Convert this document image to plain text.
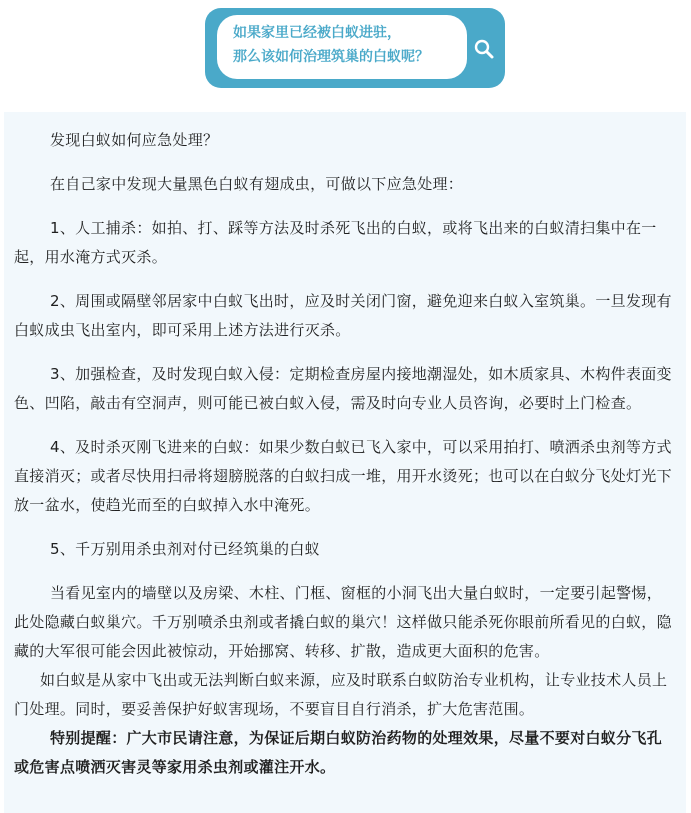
如果家里已经被白蚁进驻，
那么该如何治理筑巢的白蚁呢？

发现白蚁如何应急处理？

在自己家中发现大量黑色白蚁有翅成虫，可做以下应急处理：

1、人工捕杀：如拍、打、踩等方法及时杀死飞出的白蚁，或将飞出来的白蚁清扫集中在一起，用水淹方式灭杀。

2、周围或隔壁邻居家中白蚁飞出时，应及时关闭门窗，避免迎来白蚁入室筑巢。一旦发现有白蚁成虫飞出室内，即可采用上述方法进行灭杀。

3、加强检查，及时发现白蚁入侵：定期检查房屋内接地潮湿处，如木质家具、木构件表面变色、凹陷，敲击有空洞声，则可能已被白蚁入侵，需及时向专业人员咨询，必要时上门检查。

4、及时杀灭刚飞进来的白蚁：如果少数白蚁已飞入家中，可以采用拍打、喷洒杀虫剂等方式直接消灭；或者尽快用扫帚将翅膀脱落的白蚁扫成一堆，用开水烫死；也可以在白蚁分飞处灯光下放一盆水，使趋光而至的白蚁掉入水中淹死。

5、千万别用杀虫剂对付已经筑巢的白蚁

当看见室内的墙壁以及房梁、木柱、门框、窗框的小洞飞出大量白蚁时，一定要引起警惕，此处隐藏白蚁巢穴。千万别喷杀虫剂或者撬白蚁的巢穴！这样做只能杀死你眼前所看见的白蚁，隐藏的大军很可能会因此被惊动，开始挪窝、转移、扩散，造成更大面积的危害。

如白蚁是从家中飞出或无法判断白蚁来源，应及时联系白蚁防治专业机构，让专业技术人员上门处理。同时，要妥善保护好蚁害现场，不要盲目自行消杀，扩大危害范围。

特别提醒：广大市民请注意，为保证后期白蚁防治药物的处理效果，尽量不要对白蚁分飞孔或危害点喷洒灭害灵等家用杀虫剂或灌注开水。
